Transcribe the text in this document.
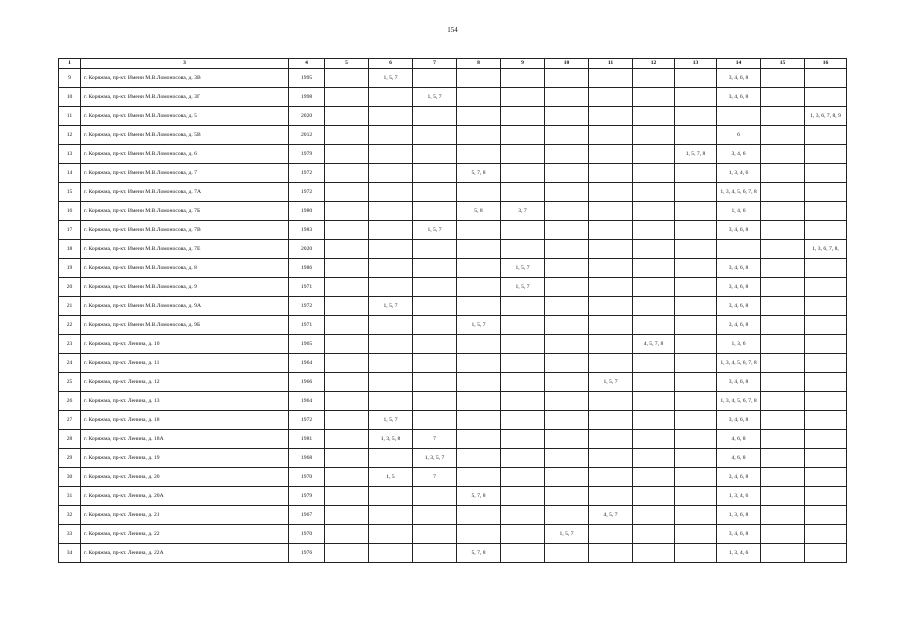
154
1	3	4	5	6	7	8	9	10	11	12	13	14	15	16
9	г. Коряжма, пр-кт. Имени М.В.Ломоносова, д. 3В	1995		1, 5, 7								3, 4, 6, 8		
10	г. Коряжма, пр-кт. Имени М.В.Ломоносова, д. 3Г	1998			1, 5, 7							3, 4, 6, 8		
11	г. Коряжма, пр-кт. Имени М.В.Ломоносова, д. 5	2020												1, 3, 6, 7, 8, 9
12	г. Коряжма, пр-кт. Имени М.В.Ломоносова, д. 5В	2012										6		
13	г. Коряжма, пр-кт. Имени М.В.Ломоносова, д. 6	1979									1, 5, 7, 8	3, 4, 6		
14	г. Коряжма, пр-кт. Имени М.В.Ломоносова, д. 7	1972				5, 7, 8						1, 3, 4, 6		
15	г. Коряжма, пр-кт. Имени М.В.Ломоносова, д. 7А	1972										1, 3, 4, 5, 6, 7, 8		
16	г. Коряжма, пр-кт. Имени М.В.Ломоносова, д. 7Б	1980				5, 8	3, 7					1, 4, 6		
17	г. Коряжма, пр-кт. Имени М.В.Ломоносова, д. 7В	1983			1, 5, 7							3, 4, 6, 8		
18	г. Коряжма, пр-кт. Имени М.В.Ломоносова, д. 7Е	2020												1, 3, 6, 7, 8,
19	г. Коряжма, пр-кт. Имени М.В.Ломоносова, д. 8	1986					1, 5, 7					3, 4, 6, 8		
20	г. Коряжма, пр-кт. Имени М.В.Ломоносова, д. 9	1971					1, 5, 7					3, 4, 6, 8		
21	г. Коряжма, пр-кт. Имени М.В.Ломоносова, д. 9А	1972		1, 5, 7								3, 4, 6, 8		
22	г. Коряжма, пр-кт. Имени М.В.Ломоносова, д. 9Б	1971				1, 5, 7						3, 4, 6, 8		
23	г. Коряжма, пр-кт. Ленина, д. 10	1965								4, 5, 7, 8		1, 3, 6		
24	г. Коряжма, пр-кт. Ленина, д. 11	1964										1, 3, 4, 5, 6, 7, 8		
25	г. Коряжма, пр-кт. Ленина, д. 12	1966							1, 5, 7			3, 4, 6, 8		
26	г. Коряжма, пр-кт. Ленина, д. 13	1964										1, 3, 4, 5, 6, 7, 8		
27	г. Коряжма, пр-кт. Ленина, д. 18	1972		1, 5, 7								3, 4, 6, 8		
28	г. Коряжма, пр-кт. Ленина, д. 18А	1981		1, 3, 5, 8	7							4, 6, 8		
29	г. Коряжма, пр-кт. Ленина, д. 19	1968			1, 3, 5, 7							4, 6, 8		
30	г. Коряжма, пр-кт. Ленина, д. 20	1970		1, 5	7							3, 4, 6, 8		
31	г. Коряжма, пр-кт. Ленина, д. 20А	1979				5, 7, 8						1, 3, 4, 6		
32	г. Коряжма, пр-кт. Ленина, д. 21	1967							4, 5, 7			1, 3, 6, 8		
33	г. Коряжма, пр-кт. Ленина, д. 22	1970						1, 5, 7				3, 4, 6, 8		
34	г. Коряжма, пр-кт. Ленина, д. 22А	1976				5, 7, 8						1, 3, 4, 6		
